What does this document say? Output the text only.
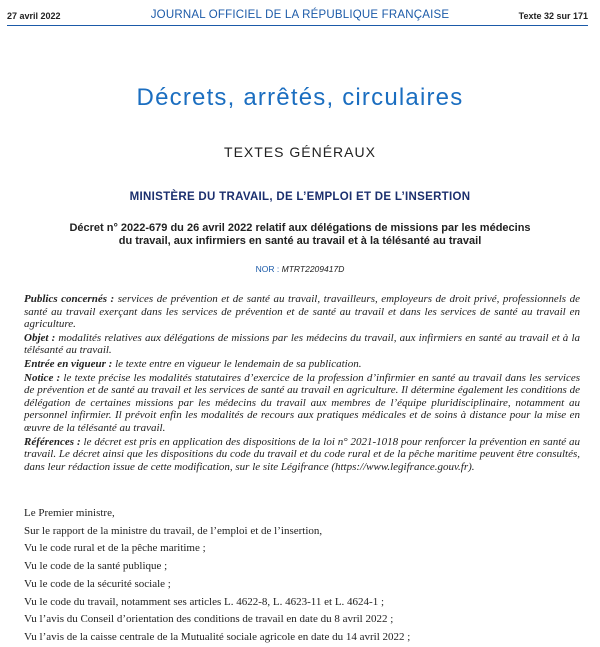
27 avril 2022	JOURNAL OFFICIEL DE LA RÉPUBLIQUE FRANÇAISE	Texte 32 sur 171
Décrets, arrêtés, circulaires
TEXTES GÉNÉRAUX
MINISTÈRE DU TRAVAIL, DE L’EMPLOI ET DE L’INSERTION
Décret n° 2022-679 du 26 avril 2022 relatif aux délégations de missions par les médecins
du travail, aux infirmiers en santé au travail et à la télésanté au travail
NOR : MTRT2209417D

Publics concernés : services de prévention et de santé au travail, travailleurs, employeurs de droit privé, professionnels de santé au travail exerçant dans les services de prévention et de santé au travail et dans les services de santé au travail en agriculture.

Objet : modalités relatives aux délégations de missions par les médecins du travail, aux infirmiers en santé au travail et à la télésanté au travail.

Entrée en vigueur : le texte entre en vigueur le lendemain de sa publication.

Notice : le texte précise les modalités statutaires d’exercice de la profession d’infirmier en santé au travail dans les services de prévention et de santé au travail et les services de santé au travail en agriculture. Il détermine également les conditions de délégation de certaines missions par les médecins du travail aux membres de l’équipe pluridisciplinaire, notamment au personnel infirmier. Il prévoit enfin les modalités de recours aux pratiques médicales et de soins à distance pour la mise en œuvre de la télésanté au travail.

Références : le décret est pris en application des dispositions de la loi n° 2021-1018 pour renforcer la prévention en santé au travail. Le décret ainsi que les dispositions du code du travail et du code rural et de la pêche maritime peuvent être consultés, dans leur rédaction issue de cette modification, sur le site Légifrance (https://www.legifrance.gouv.fr).

Le Premier ministre,

Sur le rapport de la ministre du travail, de l’emploi et de l’insertion,

Vu le code rural et de la pêche maritime ;

Vu le code de la santé publique ;

Vu le code de la sécurité sociale ;

Vu le code du travail, notamment ses articles L. 4622-8, L. 4623-11 et L. 4624-1 ;

Vu l’avis du Conseil d’orientation des conditions de travail en date du 8 avril 2022 ;

Vu l’avis de la caisse centrale de la Mutualité sociale agricole en date du 14 avril 2022 ;
